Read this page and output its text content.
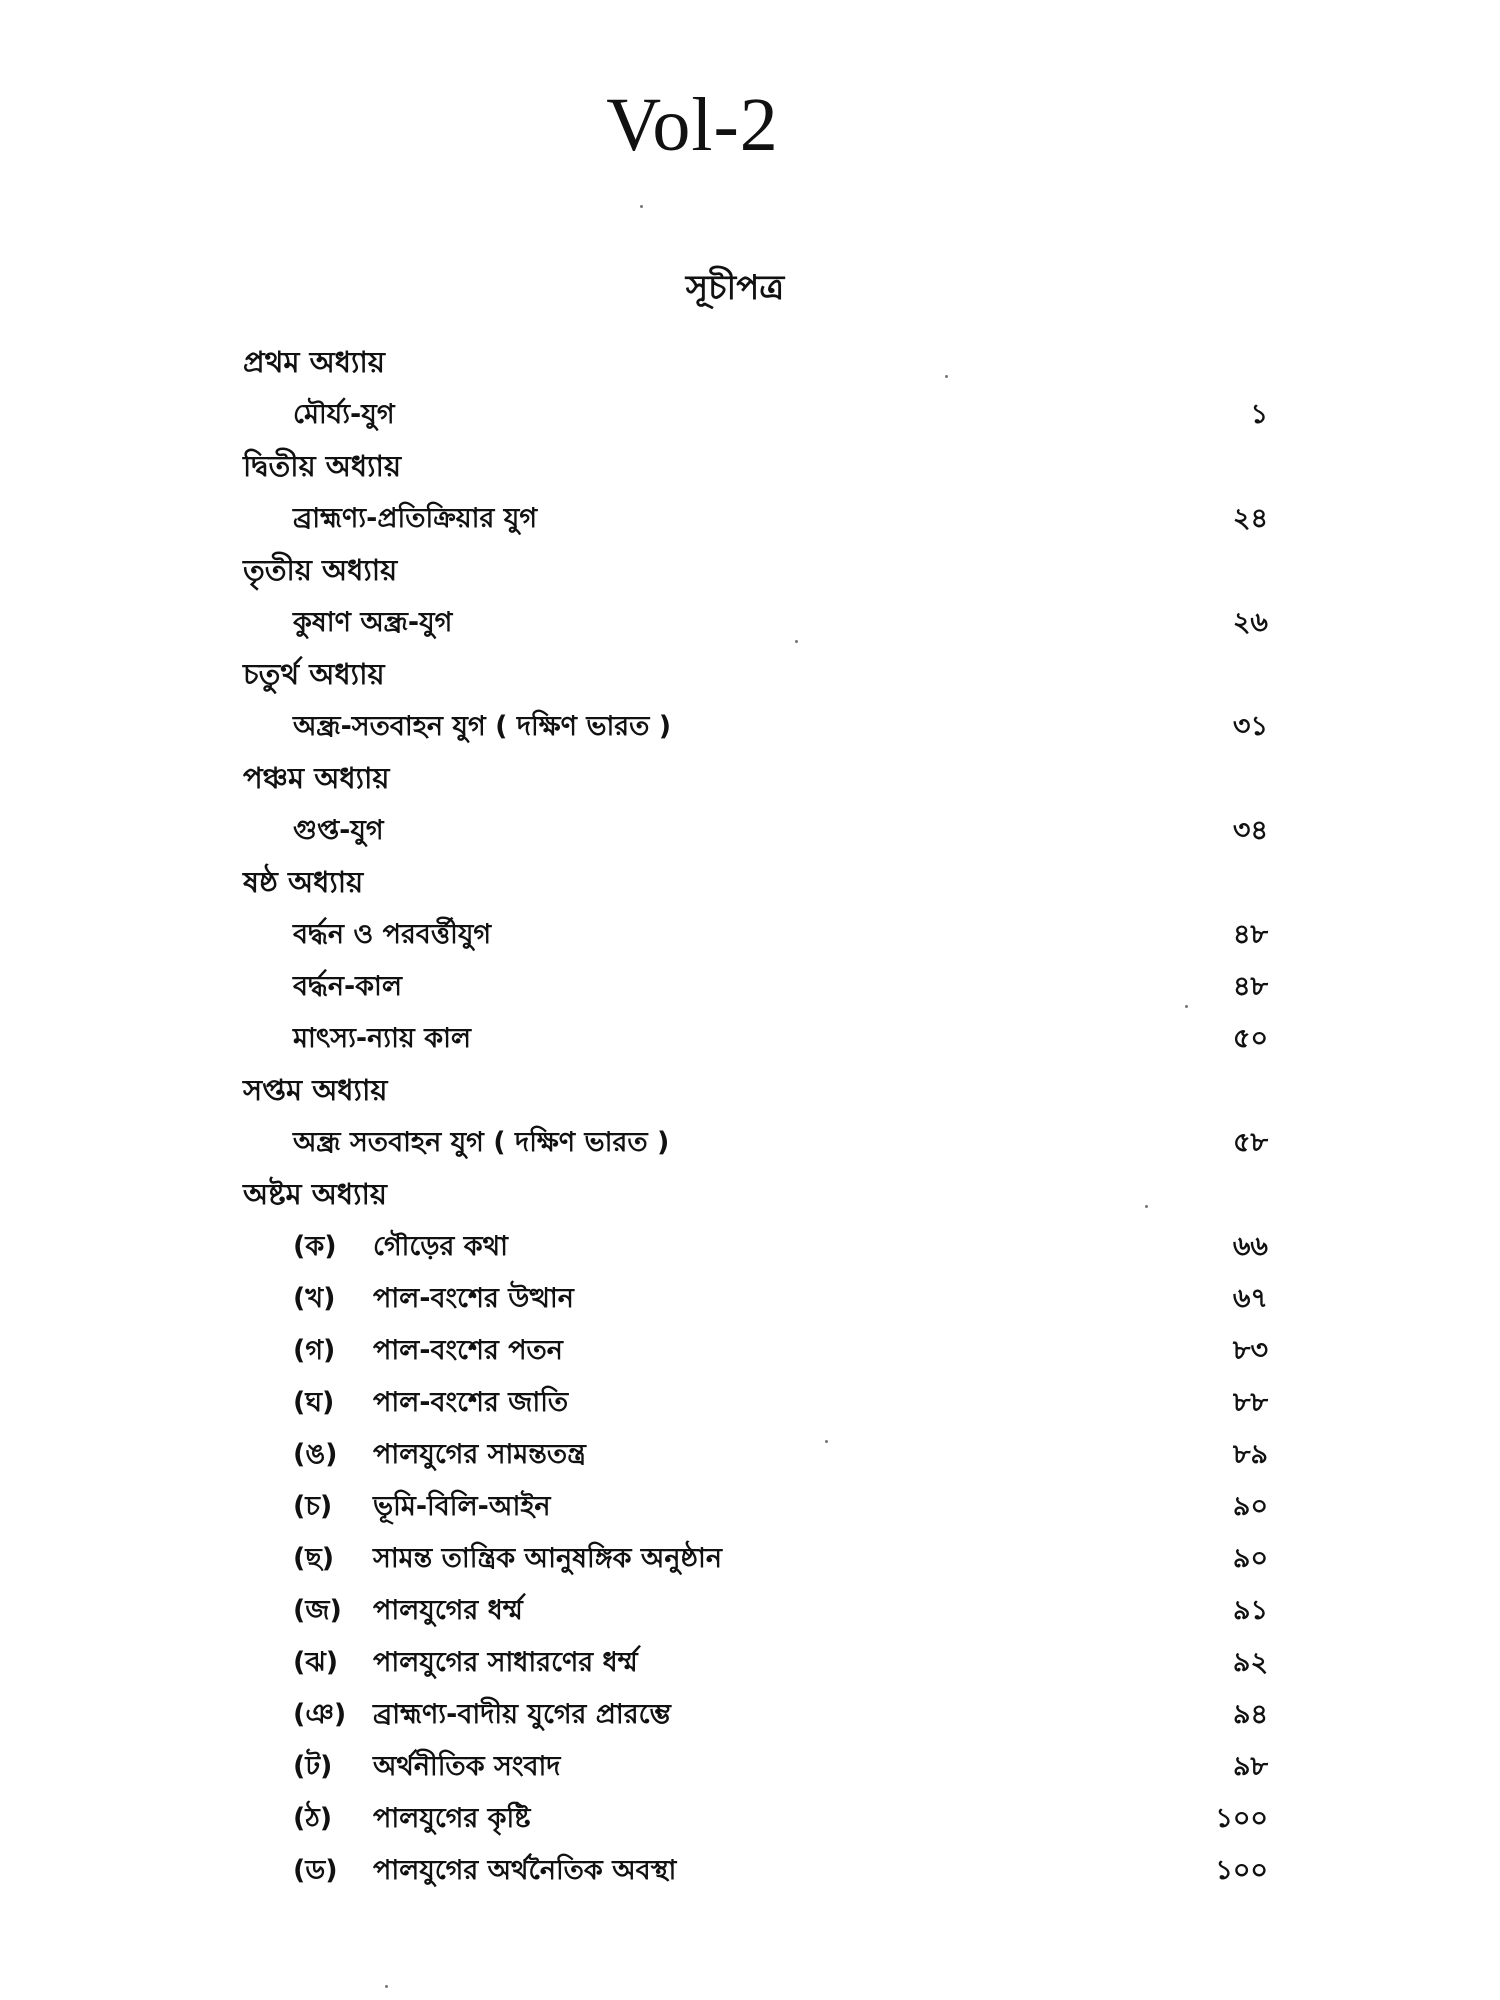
Vol-2
সূচীপত্র
প্রথম অধ্যায়
মৌর্য্য-যুগ	১
দ্বিতীয় অধ্যায়
ব্রাহ্মণ্য-প্রতিক্রিয়ার যুগ	২৪
তৃতীয় অধ্যায়
কুষাণ অন্ধ্র-যুগ	২৬
চতুর্থ অধ্যায়
অন্ধ্র-সতবাহন যুগ ( দক্ষিণ ভারত )	৩১
পঞ্চম অধ্যায়
গুপ্ত-যুগ	৩৪
ষষ্ঠ অধ্যায়
বৰ্দ্ধন ও পরবর্ত্তীযুগ	৪৮
বৰ্দ্ধন-কাল	৪৮
মাৎস্য-ন্যায় কাল	৫০
সপ্তম অধ্যায়
অন্ধ্র সতবাহন যুগ ( দক্ষিণ ভারত )	৫৮
অষ্টম অধ্যায়
(ক) গৌড়ের কথা	৬৬
(খ) পাল-বংশের উত্থান	৬৭
(গ) পাল-বংশের পতন	৮৩
(ঘ) পাল-বংশের জাতি	৮৮
(ঙ) পালযুগের সামন্ততন্ত্র	৮৯
(চ) ভূমি-বিলি-আইন	৯০
(ছ) সামন্ত তান্ত্রিক আনুষঙ্গিক অনুষ্ঠান	৯০
(জ) পালযুগের ধর্ম্ম	৯১
(ঝ) পালযুগের সাধারণের ধর্ম্ম	৯২
(ঞ) ব্রাহ্মণ্য-বাদীয় যুগের প্রারম্ভে	৯৪
(ট) অর্থনীতিক সংবাদ	৯৮
(ঠ) পালযুগের কৃষ্টি	১০০
(ড) পালযুগের অর্থনৈতিক অবস্থা	১০০
